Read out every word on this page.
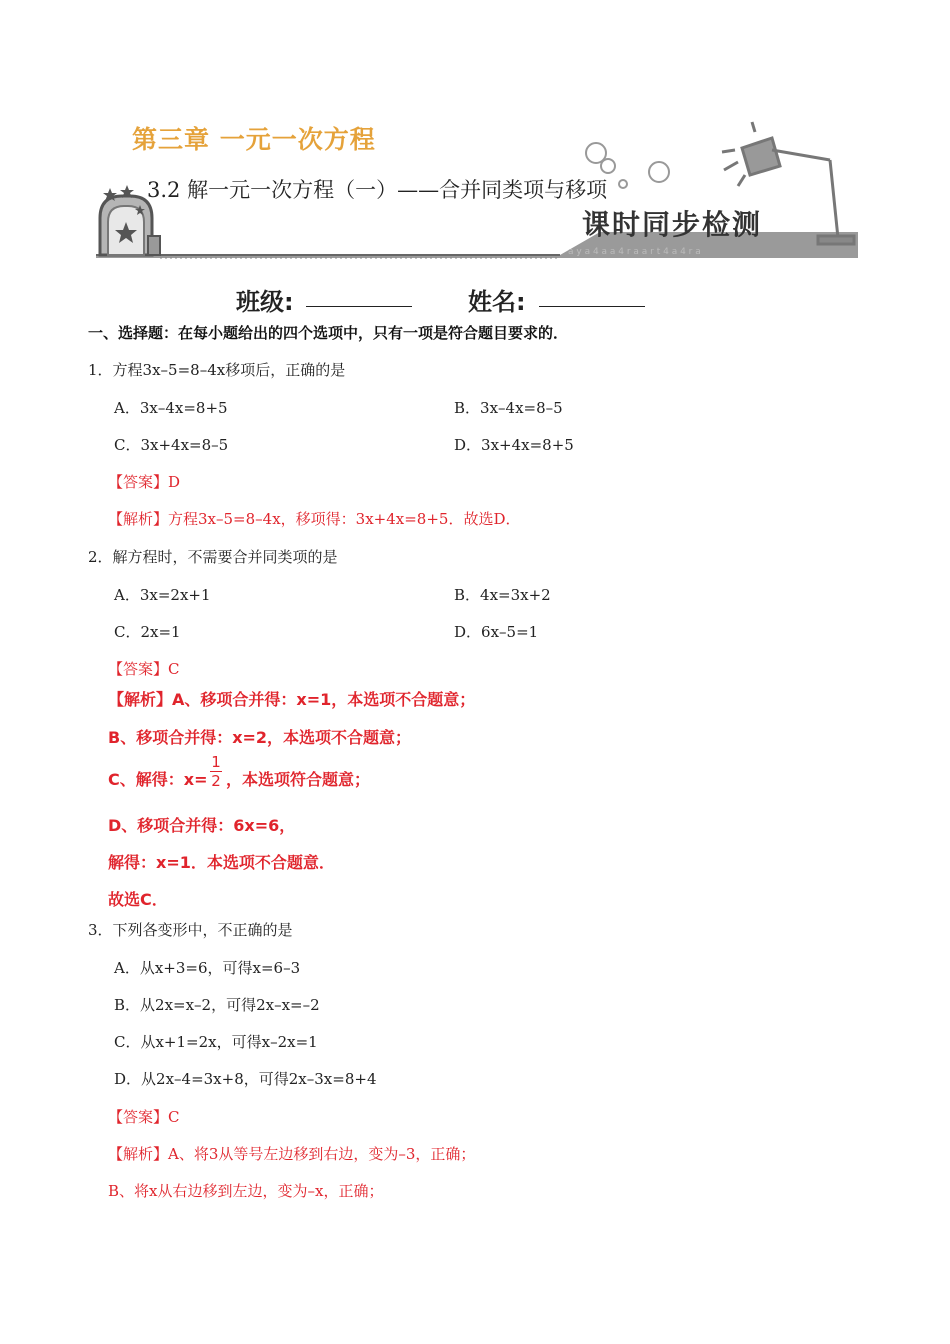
a y a 4 a a 4 r a a r t 4 a 4 r a
第三章 一元一次方程
3.2 解一元一次方程（一）——合并同类项与移项
课时同步检测
班级:	姓名:
一、选择题：在每小题给出的四个选项中，只有一项是符合题目要求的．
1．方程3x–5=8–4x移项后，正确的是
A．3x–4x=8+5	B．3x–4x=8–5
C．3x+4x=8–5	D．3x+4x=8+5
【答案】D
【解析】方程3x–5=8–4x，移项得：3x+4x=8+5．故选D．
2．解方程时，不需要合并同类项的是
A．3x=2x+1	B．4x=3x+2
C．2x=1	D．6x–5=1
【答案】C
【解析】A、移项合并得：x=1，本选项不合题意；
B、移项合并得：x=2，本选项不合题意；
C、解得：x=
1
2 ，本选项符合题意；
D、移项合并得：6x=6，
解得：x=1．本选项不合题意．
故选C．
3．下列各变形中，不正确的是
A．从x+3=6，可得x=6–3
B．从2x=x–2，可得2x–x=–2
C．从x+1=2x，可得x–2x=1
D．从2x–4=3x+8，可得2x–3x=8+4
【答案】C
【解析】A、将3从等号左边移到右边，变为–3，正确；
B、将x从右边移到左边，变为–x，正确；
